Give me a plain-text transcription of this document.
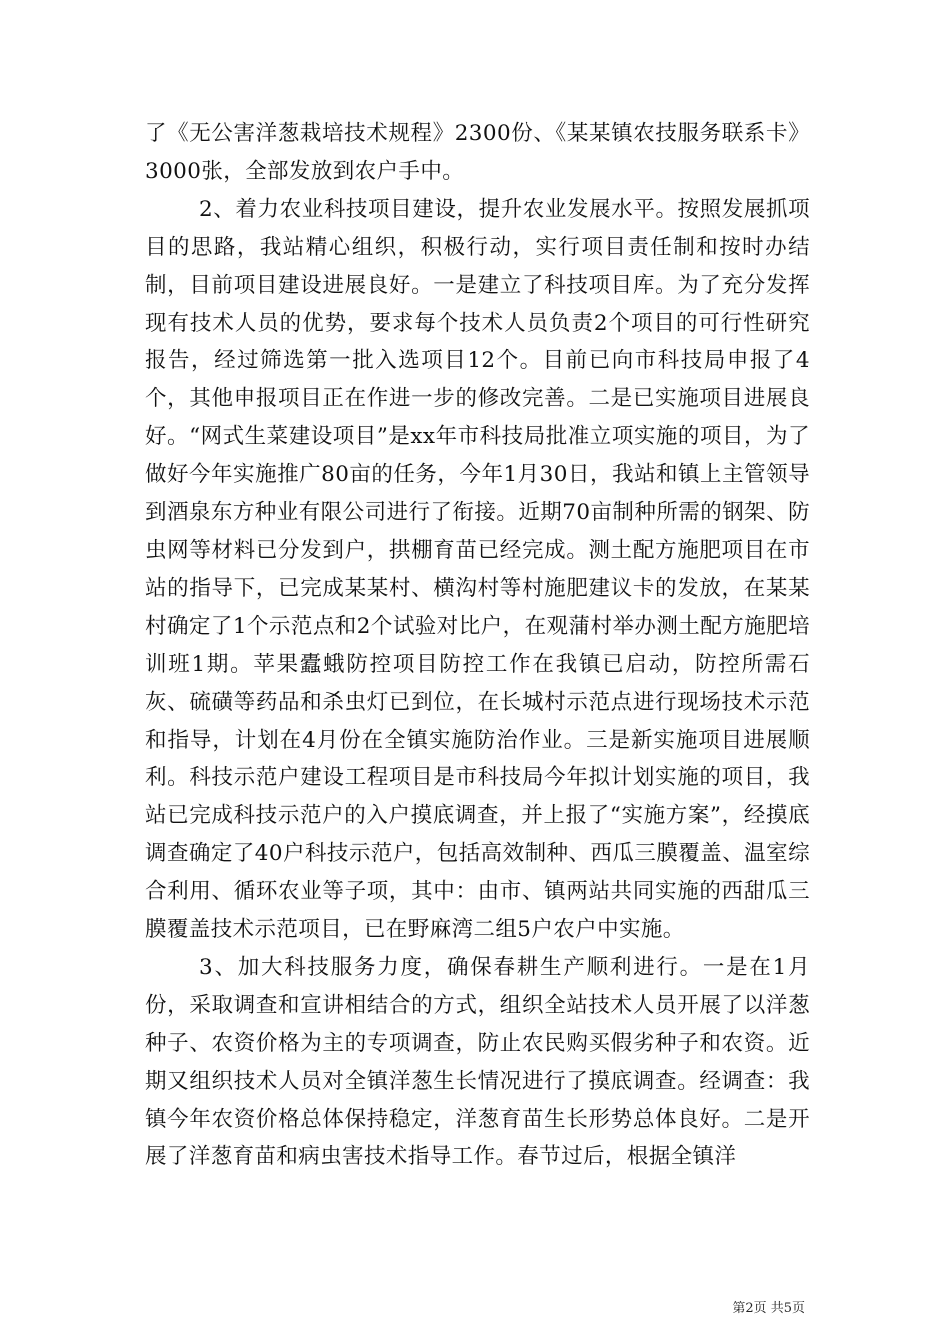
了《无公害洋葱栽培技术规程》2300份、《某某镇农技服务联系卡》3000张，全部发放到农户手中。

2、着力农业科技项目建设，提升农业发展水平。按照发展抓项目的思路，我站精心组织，积极行动，实行项目责任制和按时办结制，目前项目建设进展良好。一是建立了科技项目库。为了充分发挥现有技术人员的优势，要求每个技术人员负责2个项目的可行性研究报告，经过筛选第一批入选项目12个。目前已向市科技局申报了4个，其他申报项目正在作进一步的修改完善。二是已实施项目进展良好。“网式生菜建设项目”是xx年市科技局批准立项实施的项目，为了做好今年实施推广80亩的任务，今年1月30日，我站和镇上主管领导到酒泉东方种业有限公司进行了衔接。近期70亩制种所需的钢架、防虫网等材料已分发到户，拱棚育苗已经完成。测土配方施肥项目在市站的指导下，已完成某某村、横沟村等村施肥建议卡的发放，在某某村确定了1个示范点和2个试验对比户，在观蒲村举办测土配方施肥培训班1期。苹果蠹蛾防控项目防控工作在我镇已启动，防控所需石灰、硫磺等药品和杀虫灯已到位，在长城村示范点进行现场技术示范和指导，计划在4月份在全镇实施防治作业。三是新实施项目进展顺利。科技示范户建设工程项目是市科技局今年拟计划实施的项目，我站已完成科技示范户的入户摸底调查，并上报了“实施方案”，经摸底调查确定了40户科技示范户，包括高效制种、西瓜三膜覆盖、温室综合利用、循环农业等子项，其中：由市、镇两站共同实施的西甜瓜三膜覆盖技术示范项目，已在野麻湾二组5户农户中实施。

3、加大科技服务力度，确保春耕生产顺利进行。一是在1月份，采取调查和宣讲相结合的方式，组织全站技术人员开展了以洋葱种子、农资价格为主的专项调查，防止农民购买假劣种子和农资。近期又组织技术人员对全镇洋葱生长情况进行了摸底调查。经调查：我镇今年农资价格总体保持稳定，洋葱育苗生长形势总体良好。二是开展了洋葱育苗和病虫害技术指导工作。春节过后，根据全镇洋

第2页 共5页
